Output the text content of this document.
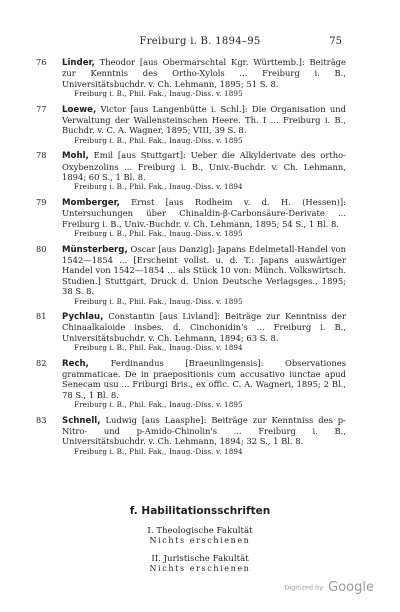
Freiburg i. B. 1894–95	75
76 Linder, Theodor [aus Obermarschtal Kgr. Württemb.]: Beiträge zur Kenntnis des Ortho-Xylols ... Freiburg i. B., Universitätsbuchdr. v. Ch. Lehmann, 1895; 51 S. 8.
Freiburg i. B., Phil. Fak., Inaug.-Diss. v. 1895
77 Loewe, Victor [aus Langenbütte i. Schl.]: Die Organisation und Verwaltung der Wallensteinschen Heere. Th. I ... Freiburg i. B., Buchdr. v. C. A. Wagner, 1895; VIII, 39 S. 8.
Freiburg i. B., Phil. Fak., Inaug.-Diss. v. 1895
78 Mohl, Emil [aus Stuttgart]: Ueber die Alkylderivate des ortho-Oxybenzolins ... Freiburg i. B., Univ.-Buchdr. v. Ch. Lehmann, 1894; 60 S., 1 Bl. 8.
Freiburg i. B., Phil. Fak., Inaug.-Diss. v. 1894
79 Momberger, Ernst [aus Rodheim v. d. H. (Hessen)]: Untersuchungen über Chinaldin-β-Carbonsäure-Derivate ... Freiburg i. B., Univ.-Buchdr. v. Ch. Lehmann, 1895; 54 S., 1 Bl. 8.
Freiburg i. B., Phil. Fak., Inaug.-Diss. v. 1895
80 Münsterberg, Oscar [aus Danzig]: Japans Edelmetall-Handel von 1542—1854 ... [Erscheint vollst. u. d. T.: Japans auswärtiger Handel von 1542—1854 ... als Stück 10 von: Münch. Volkswirtsch. Studien.] Stuttgart, Druck d. Union Deutsche Verlagsges., 1895; 38 S. 8.
Freiburg i. B., Phil. Fak., Inaug.-Diss. v. 1895
81 Pychlau, Constantin [aus Livland]: Beiträge zur Kenntniss der Chinaalkaloide insbes. d. Cinchonidin's ... Freiburg i. B., Universitätsbuchdr. v. Ch. Lehmann, 1894; 63 S. 8.
Freiburg i. B., Phil. Fak., Inaug.-Diss. v. 1894
82 Rech, Ferdinandus [Braeunlingensis]: Observationes grammaticae. De in praepositionis cum accusativo iunctae apud Senecam usu ... Friburgi Bris., ex offic. C. A. Wagneri, 1895; 2 Bl., 78 S., 1 Bl. 8.
Freiburg i. B., Phil. Fak., Inaug.-Diss. v. 1895
83 Schnell, Ludwig [aus Laasphe]: Beiträge zur Kenntniss des p-Nitro- und p-Amido-Chinolin's ... Freiburg i. B., Universitätsbuchdr. v. Ch. Lehmann, 1894; 32 S., 1 Bl. 8.
Freiburg i. B., Phil. Fak., Inaug.-Diss. v. 1894
f. Habilitationsschriften
I. Theologische Fakultät
Nichts erschienen
II. Juristische Fakultät
Nichts erschienen
Digitized by Google
